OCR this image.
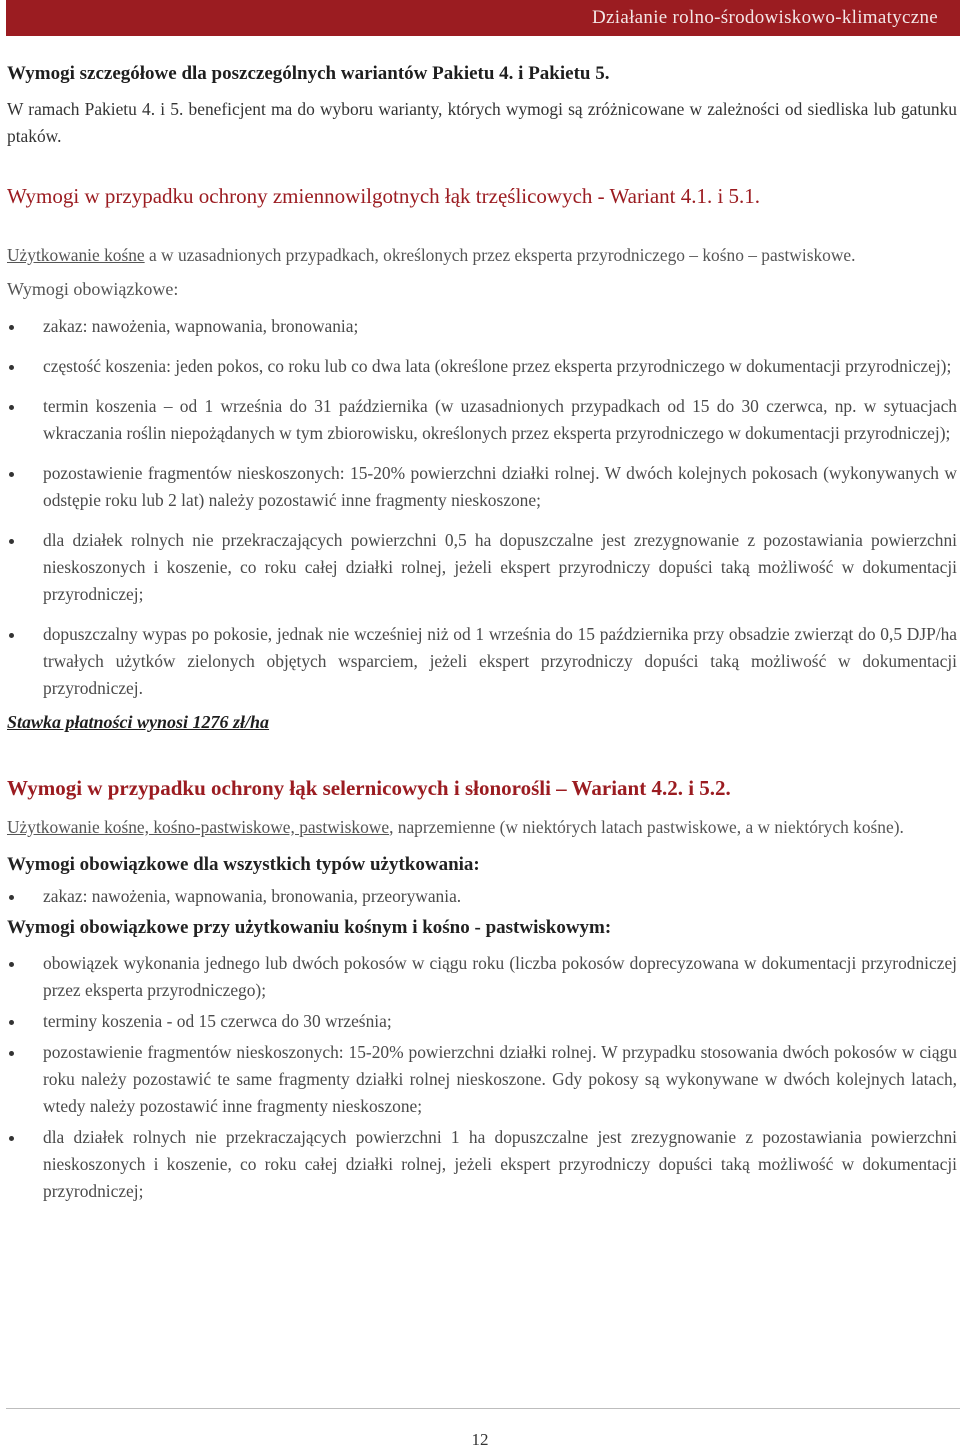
Działanie rolno-środowiskowo-klimatyczne

Wymogi szczegółowe dla poszczególnych wariantów Pakietu 4. i Pakietu 5.

W ramach Pakietu 4. i 5. beneficjent ma do wyboru warianty, których wymogi są zróżnicowane w zależności od siedliska lub gatunku ptaków.

Wymogi w przypadku ochrony zmiennowilgotnych łąk trzęślicowych - Wariant 4.1. i 5.1.

Użytkowanie kośne a w uzasadnionych przypadkach, określonych przez eksperta przyrodniczego – kośno – pastwiskowe.

Wymogi obowiązkowe:

zakaz: nawożenia, wapnowania, bronowania;
częstość koszenia: jeden pokos, co roku lub co dwa lata (określone przez eksperta przyrodniczego w dokumentacji przyrodniczej);
termin koszenia – od 1 września do 31 października (w uzasadnionych przypadkach od 15 do 30 czerwca, np. w sytuacjach wkraczania roślin niepożądanych w tym zbiorowisku, określonych przez eksperta przyrodniczego w dokumentacji przyrodniczej);
pozostawienie fragmentów nieskoszonych: 15-20% powierzchni działki rolnej. W dwóch kolejnych pokosach (wykonywanych w odstępie roku lub 2 lat) należy pozostawić inne fragmenty nieskoszone;
dla działek rolnych nie przekraczających powierzchni 0,5 ha dopuszczalne jest zrezygnowanie z pozostawiania powierzchni nieskoszonych i koszenie, co roku całej działki rolnej, jeżeli ekspert przyrodniczy dopuści taką możliwość w dokumentacji przyrodniczej;
dopuszczalny wypas po pokosie, jednak nie wcześniej niż od 1 września do 15 października przy obsadzie zwierząt do 0,5 DJP/ha trwałych użytków zielonych objętych wsparciem, jeżeli ekspert przyrodniczy dopuści taką możliwość w dokumentacji przyrodniczej.

Stawka płatności wynosi 1276 zł/ha

Wymogi w przypadku ochrony łąk selernicowych i słonorośli – Wariant 4.2. i 5.2.

Użytkowanie kośne, kośno-pastwiskowe, pastwiskowe, naprzemienne (w niektórych latach pastwiskowe, a w niektórych kośne).

Wymogi obowiązkowe dla wszystkich typów użytkowania:

zakaz: nawożenia, wapnowania, bronowania, przeorywania.

Wymogi obowiązkowe przy użytkowaniu kośnym i kośno - pastwiskowym:

obowiązek wykonania jednego lub dwóch pokosów w ciągu roku (liczba pokosów doprecyzowana w dokumentacji przyrodniczej przez eksperta przyrodniczego);
terminy koszenia - od 15 czerwca do 30 września;
pozostawienie fragmentów nieskoszonych: 15-20% powierzchni działki rolnej. W przypadku stosowania dwóch pokosów w ciągu roku należy pozostawić te same fragmenty działki rolnej nieskoszone. Gdy pokosy są wykonywane w dwóch kolejnych latach, wtedy należy pozostawić inne fragmenty nieskoszone;
dla działek rolnych nie przekraczających powierzchni 1 ha dopuszczalne jest zrezygnowanie z pozostawiania powierzchni nieskoszonych i koszenie, co roku całej działki rolnej, jeżeli ekspert przyrodniczy dopuści taką możliwość w dokumentacji przyrodniczej;
12
